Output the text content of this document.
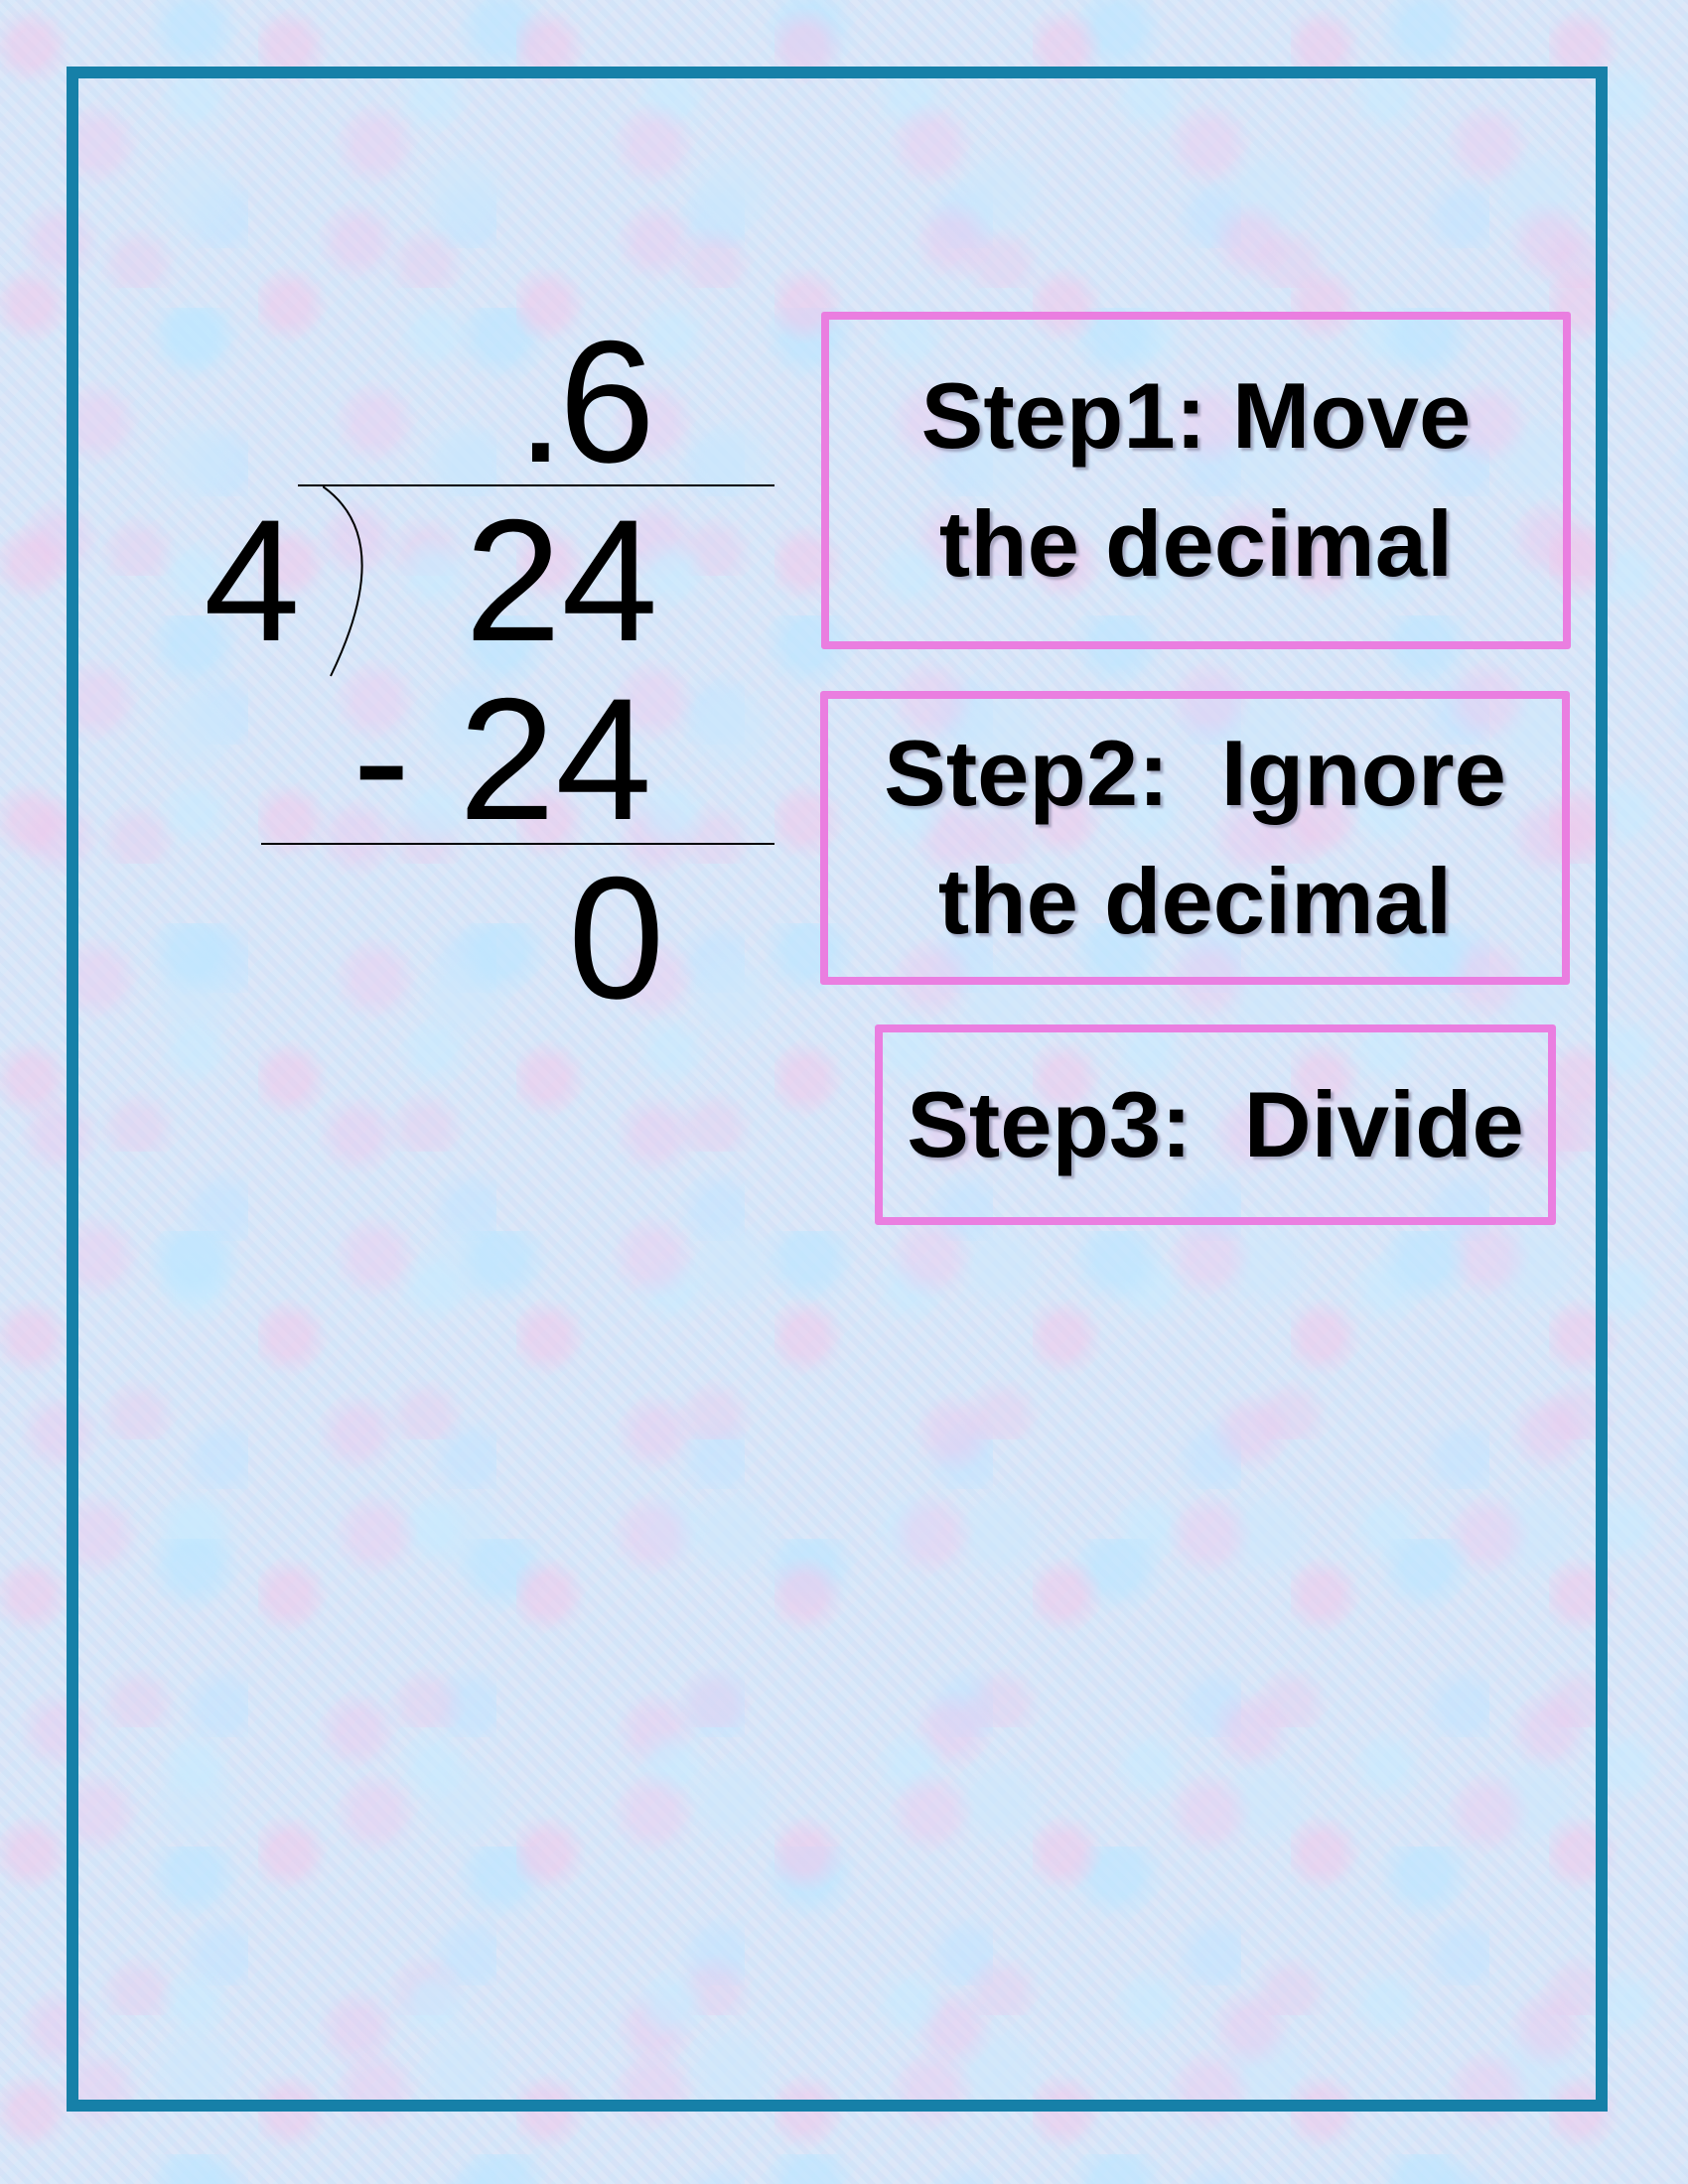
.6
4 24
- 24
0
Step1: Move
the decimal
Step2:  Ignore
the decimal
Step3:  Divide
